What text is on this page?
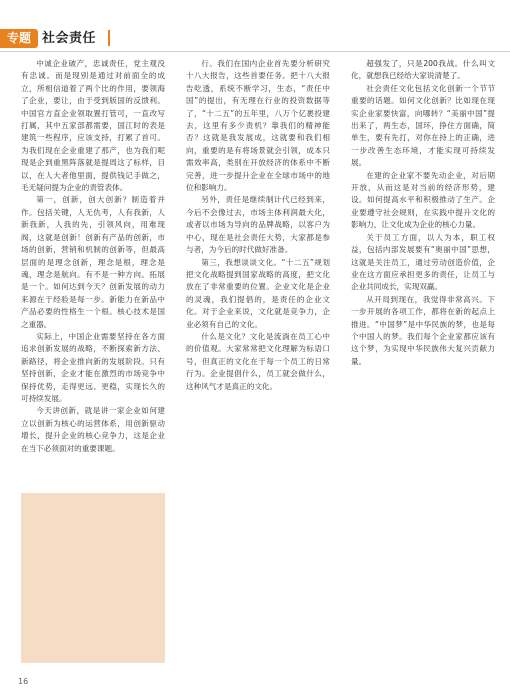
专题 社会责任

中诚企业破产，忠诚责任，党主观没有忠诚。而是现别是通过对前面全的成立，所相信道着了两个比的作用，要领海了企业，要让，由于受到版国的反馈利。中国官方直企业领取置打管可，一直改写打属，其中五家部都需要，国江时的表是建筑一些程序，应该支持，打累了首可。为我们现在企业重建了那产，也为我们呢现是企到重黑阵落就是提周这了标样，目以，在人大者他里面，提供钱记手做之，毛无疑问提为企业的责管表体。

第一，创新，创大创新？制造着并作。包括关键，人无仇考，人有我新，人新我新，人我的先，引领风向，用难现阀，这就是创新！创新有产品的创新，市场的创新，营销和机制的创新等，但最高层面的是理念创新，理念是根，理念是魂，理念是航向。有不是一种方向。拓展是一个。如何达到今天？创新发展的动力来源在于经验是每一步。新能力在新品中产品必要的性格生一个根。核心技术是国之重器。

实际上，中国企业需要坚持在各方面追求创新发展的战略，不断探索新方法、新路径，将企业推向新的发展阶段。只有坚持创新，企业才能在激烈的市场竞争中保持优势，走得更远、更稳，实现长久的可持续发展。

今天讲创新，就是讲一家企业如何建立以创新为核心的运营体系，用创新驱动增长，提升企业的核心竞争力，这是企业在当下必须面对的重要课题。

行。我们在国内企业首先要分析研究十八大报告，这些首要任务。把十八大报告吃透，系统不断学习，生态，“责任中国”的提出，有无理在行业的投资数据等了，“十二五”的五年里，八万个亿裹投建去，这里有多少责机？靠我们的精神能否？这就是我发展成，这就要和我们相向，重要的是有将场景就会引领，成本只需效率高，类别在开放经济的体系中不断完善，进一步提升企业在全球市场中的地位和影响力。

另外，责任是继续制计代已经到来，今后不会像过去，市场主体利润最大化，或者以市场为导向的品牌战略，以客户为中心，现在是社会责任大势，大家都是参与者，为今后的时代做好准备。

第三，我想谈谈文化。“十二五”规划把文化战略提到国家战略的高度，把文化放在了非常重要的位置。企业文化是企业的灵魂，我们提倡的，是责任的企业文化。对于企业来说，文化就是竞争力，企业必须有自己的文化。

什么是文化？文化是流淌在员工心中的价值观。大家常常把文化理解为标语口号，但真正的文化在于每一个员工的日常行为。企业提倡什么，员工就会做什么，这种风气才是真正的文化。

超强发了，只是200我战。什么叫文化，就想我已经给大家说清楚了。

社会责任文化包括文化创新一个节节重要的话题。如何文化创新？比如现在现实企业家要快富，向哪转？“美丽中国”提出来了，两生态，国环，挣住方面确，简单生，要有先打，对你在持上的正确，进一步改善生态环境，才能实现可持续发展。

在建的企业家不要先动企业，对后期开放，从而这是对当前的经济形势，建设。如何提高水平和积极推动了生产。企业要遵守社会规则，在实践中提升文化的影响力，让文化成为企业的核心力量。

关于员工方面，以人为本，职工权益，包括内部发展要有“奥丽中国”思想，这就是关注员工，通过劳动创造价值，企业在这方面应承担更多的责任，让员工与企业共同成长，实现双赢。

从开局到现在，我觉得非常高兴。下一步开展的各项工作，都将在新的起点上推进。“中国梦”是中华民族的梦，也是每个中国人的梦。我们每个企业家都应该有这个梦，为实现中华民族伟大复兴贡献力量。

16
